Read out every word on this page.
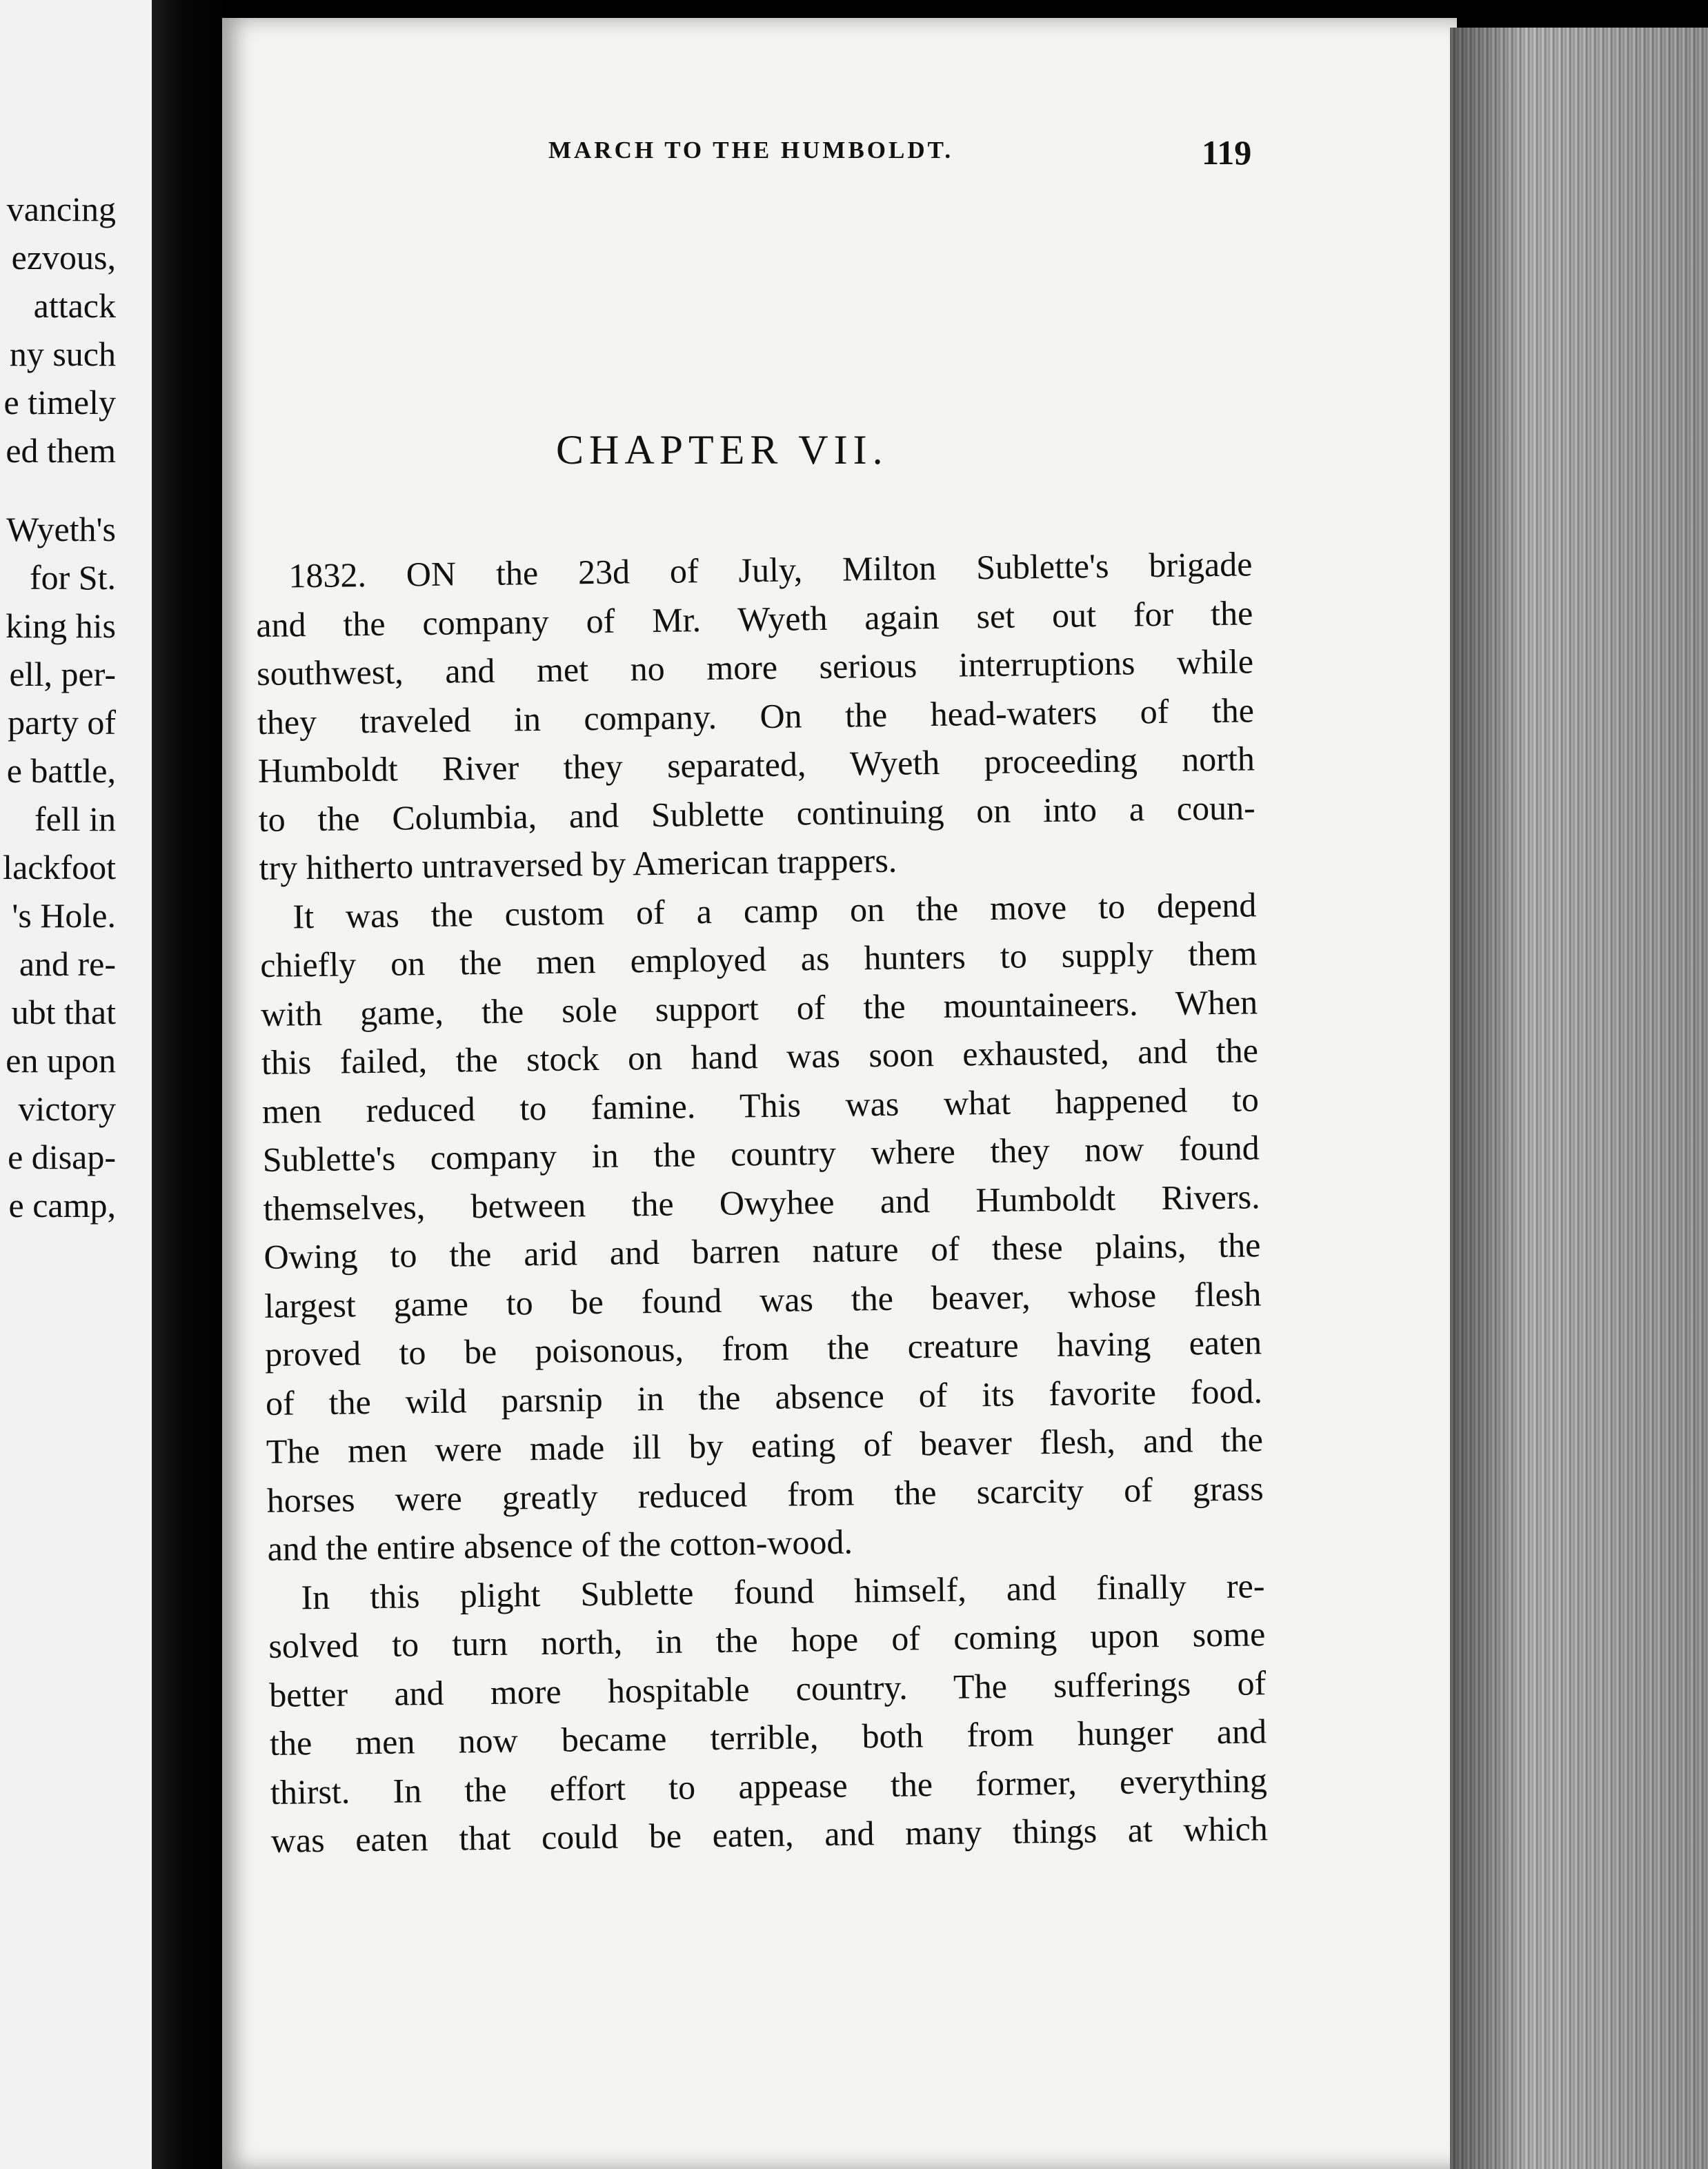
vancing
ezvous,
attack
ny such
e timely
ed them
Wyeth's
for St.
king his
ell, per-
party of
e battle,
fell in
lackfoot
's Hole.
and re-
ubt that
en upon
victory
e disap-
e camp,
MARCH TO THE HUMBOLDT.	119
CHAPTER VII.
1832. ON the 23d of July, Milton Sublette's brigade
and the company of Mr. Wyeth again set out for the
southwest, and met no more serious interruptions while
they traveled in company. On the head-waters of the
Humboldt River they separated, Wyeth proceeding north
to the Columbia, and Sublette continuing on into a coun-
try hitherto untraversed by American trappers.
It was the custom of a camp on the move to depend
chiefly on the men employed as hunters to supply them
with game, the sole support of the mountaineers. When
this failed, the stock on hand was soon exhausted, and the
men reduced to famine. This was what happened to
Sublette's company in the country where they now found
themselves, between the Owyhee and Humboldt Rivers.
Owing to the arid and barren nature of these plains, the
largest game to be found was the beaver, whose flesh
proved to be poisonous, from the creature having eaten
of the wild parsnip in the absence of its favorite food.
The men were made ill by eating of beaver flesh, and the
horses were greatly reduced from the scarcity of grass
and the entire absence of the cotton-wood.
In this plight Sublette found himself, and finally re-
solved to turn north, in the hope of coming upon some
better and more hospitable country. The sufferings of
the men now became terrible, both from hunger and
thirst. In the effort to appease the former, everything
was eaten that could be eaten, and many things at which
